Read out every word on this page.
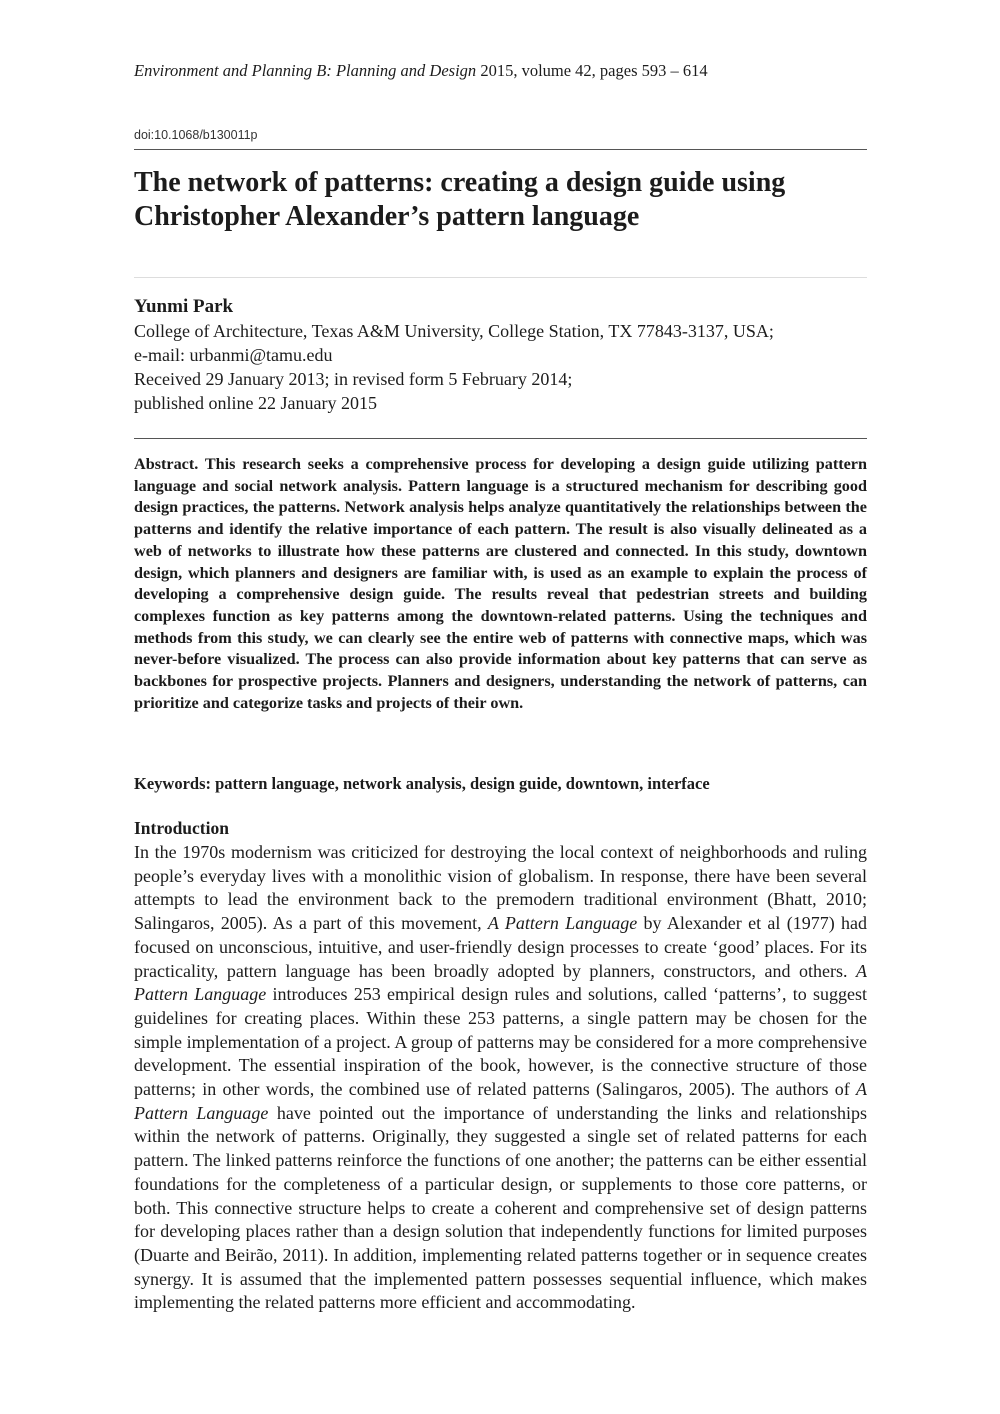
Environment and Planning B: Planning and Design 2015, volume 42, pages 593 – 614
doi:10.1068/b130011p
The network of patterns: creating a design guide using Christopher Alexander’s pattern language
Yunmi Park
College of Architecture, Texas A&M University, College Station, TX 77843-3137, USA;
e-mail: urbanmi@tamu.edu
Received 29 January 2013; in revised form 5 February 2014;
published online 22 January 2015

Abstract. This research seeks a comprehensive process for developing a design guide utilizing pattern language and social network analysis. Pattern language is a structured mechanism for describing good design practices, the patterns. Network analysis helps analyze quantitatively the relationships between the patterns and identify the relative importance of each pattern. The result is also visually delineated as a web of networks to illustrate how these patterns are clustered and connected. In this study, downtown design, which planners and designers are familiar with, is used as an example to explain the process of developing a comprehensive design guide. The results reveal that pedestrian streets and building complexes function as key patterns among the downtown-related patterns. Using the techniques and methods from this study, we can clearly see the entire web of patterns with connective maps, which was never-before visualized. The process can also provide information about key patterns that can serve as backbones for prospective projects. Planners and designers, understanding the network of patterns, can prioritize and categorize tasks and projects of their own.

Keywords: pattern language, network analysis, design guide, downtown, interface
Introduction

In the 1970s modernism was criticized for destroying the local context of neighborhoods and ruling people’s everyday lives with a monolithic vision of globalism. In response, there have been several attempts to lead the environment back to the premodern traditional environment (Bhatt, 2010; Salingaros, 2005). As a part of this movement, A Pattern Language by Alexander et al (1977) had focused on unconscious, intuitive, and user-friendly design processes to create ‘good’ places. For its practicality, pattern language has been broadly adopted by planners, constructors, and others. A Pattern Language introduces 253 empirical design rules and solutions, called ‘patterns’, to suggest guidelines for creating places. Within these 253 patterns, a single pattern may be chosen for the simple implementation of a project. A group of patterns may be considered for a more comprehensive development. The essential inspiration of the book, however, is the connective structure of those patterns; in other words, the combined use of related patterns (Salingaros, 2005). The authors of A Pattern Language have pointed out the importance of understanding the links and relationships within the network of patterns. Originally, they suggested a single set of related patterns for each pattern. The linked patterns reinforce the functions of one another; the patterns can be either essential foundations for the completeness of a particular design, or supplements to those core patterns, or both. This connective structure helps to create a coherent and comprehensive set of design patterns for developing places rather than a design solution that independently functions for limited purposes (Duarte and Beirão, 2011). In addition, implementing related patterns together or in sequence creates synergy. It is assumed that the implemented pattern possesses sequential influence, which makes implementing the related patterns more efficient and accommodating.
